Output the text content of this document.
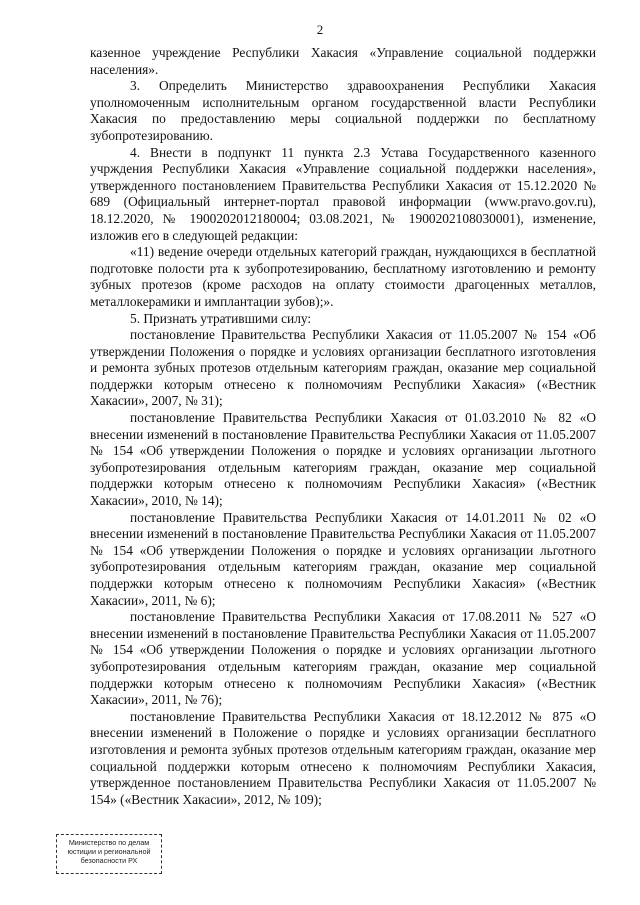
2

казенное учреждение Республики Хакасия «Управление социальной поддержки населения».

3. Определить Министерство здравоохранения Республики Хакасия уполномоченным исполнительным органом государственной власти Республики Хакасия по предоставлению меры социальной поддержки по бесплатному зубопротезированию.

4. Внести в подпункт 11 пункта 2.3 Устава Государственного казенного учрждения Республики Хакасия «Управление социальной поддержки населения», утвержденного постановлением Правительства Республики Хакасия от 15.12.2020 № 689 (Официальный интернет-портал правовой информации (www.pravo.gov.ru), 18.12.2020, № 1900202012180004; 03.08.2021, № 1900202108030001), изменение, изложив его в следующей редакции:

«11) ведение очереди отдельных категорий граждан, нуждающихся в бесплатной подготовке полости рта к зубопротезированию, бесплатному изготовлению и ремонту зубных протезов (кроме расходов на оплату стоимости драгоценных металлов, металлокерамики и имплантации зубов);».

5. Признать утратившими силу:

постановление Правительства Республики Хакасия от 11.05.2007 № 154 «Об утверждении Положения о порядке и условиях организации бесплатного изготовления и ремонта зубных протезов отдельным категориям граждан, оказание мер социальной поддержки которым отнесено к полномочиям Республики Хакасия» («Вестник Хакасии», 2007, № 31);

постановление Правительства Республики Хакасия от 01.03.2010 № 82 «О внесении изменений в постановление Правительства Республики Хакасия от 11.05.2007 № 154 «Об утверждении Положения о порядке и условиях организации льготного зубопротезирования отдельным категориям граждан, оказание мер социальной поддержки которым отнесено к полномочиям Республики Хакасия» («Вестник Хакасии», 2010, № 14);

постановление Правительства Республики Хакасия от 14.01.2011 № 02 «О внесении изменений в постановление Правительства Республики Хакасия от 11.05.2007 № 154 «Об утверждении Положения о порядке и условиях организации льготного зубопротезирования отдельным категориям граждан, оказание мер социальной поддержки которым отнесено к полномочиям Республики Хакасия» («Вестник Хакасии», 2011, № 6);

постановление Правительства Республики Хакасия от 17.08.2011 № 527 «О внесении изменений в постановление Правительства Республики Хакасия от 11.05.2007 № 154 «Об утверждении Положения о порядке и условиях организации льготного зубопротезирования отдельным категориям граждан, оказание мер социальной поддержки которым отнесено к полномочиям Республики Хакасия» («Вестник Хакасии», 2011, № 76);

постановление Правительства Республики Хакасия от 18.12.2012 № 875 «О внесении изменений в Положение о порядке и условиях организации бесплатного изготовления и ремонта зубных протезов отдельным категориям граждан, оказание мер социальной поддержки которым отнесено к полномочиям Республики Хакасия, утвержденное постановлением Правительства Республики Хакасия от 11.05.2007 № 154» («Вестник Хакасии», 2012, № 109);

Министерство по делам
юстиции и региональной
безопасности РХ
